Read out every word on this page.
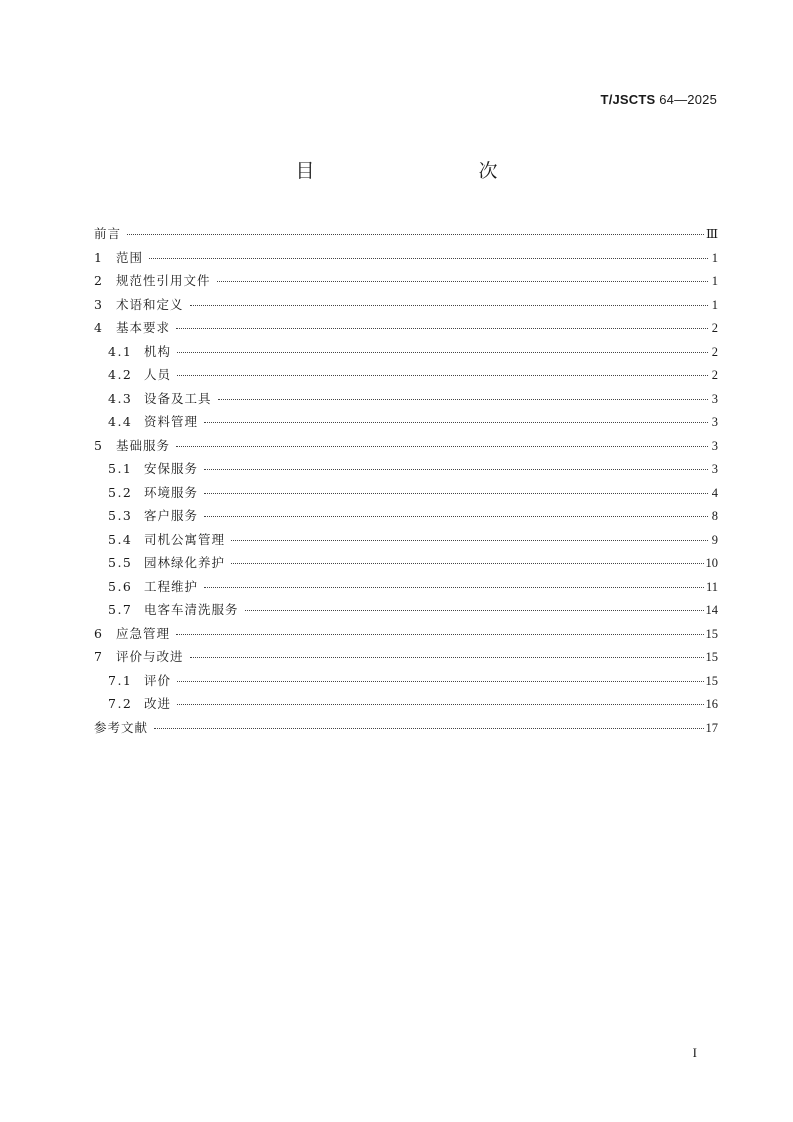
T/JSCTS 64—2025
目　　次
前言	Ⅲ
1 范围	1
2 规范性引用文件	1
3 术语和定义	1
4 基本要求	2
4.1 机构	2
4.2 人员	2
4.3 设备及工具	3
4.4 资料管理	3
5 基础服务	3
5.1 安保服务	3
5.2 环境服务	4
5.3 客户服务	8
5.4 司机公寓管理	9
5.5 园林绿化养护	10
5.6 工程维护	11
5.7 电客车清洗服务	14
6 应急管理	15
7 评价与改进	15
7.1 评价	15
7.2 改进	16
参考文献	17
I
